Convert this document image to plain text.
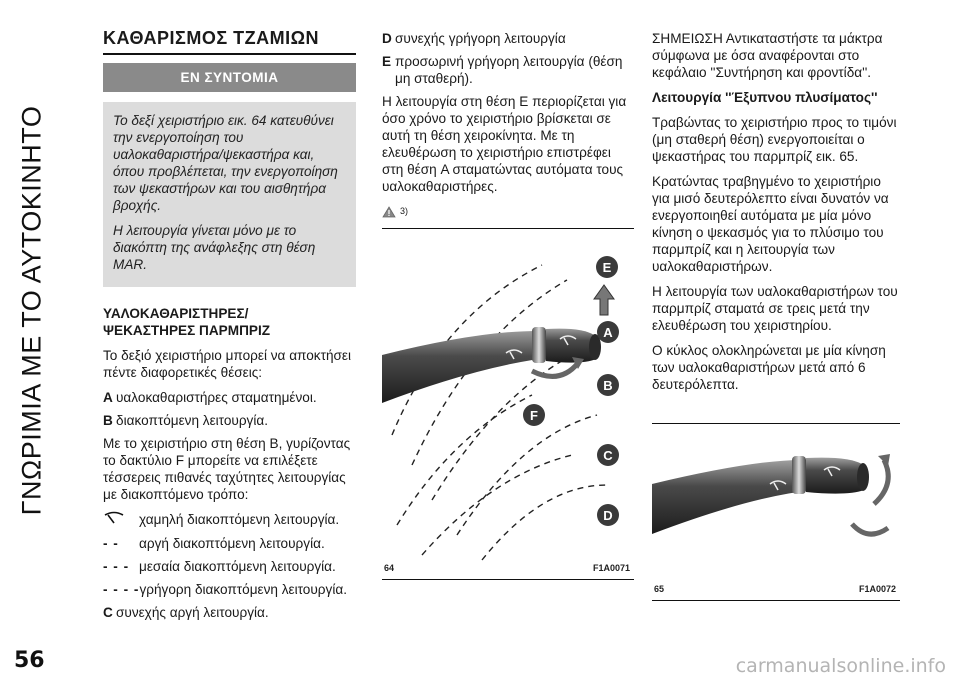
ΓΝΩΡΙΜΙΑ ΜΕ ΤΟ ΑΥΤΟΚΙΝΗΤΟ
ΚΑΘΑΡΙΣΜΟΣ ΤΖΑΜΙΩΝ
ΕΝ ΣΥΝΤΟΜΙΑ

Το δεξί χειριστήριο εικ. 64 κατευθύνει την ενεργοποίηση του υαλοκαθαριστήρα/ψεκαστήρα και, όπου προβλέπεται, την ενεργοποίηση των ψεκαστήρων και του αισθητήρα βροχής.

Η λειτουργία γίνεται μόνο με το διακόπτη της ανάφλεξης στη θέση MAR.

ΥΑΛΟΚΑΘΑΡΙΣΤΗΡΕΣ/
ΨΕΚΑΣΤΗΡΕΣ ΠΑΡΜΠΡΙΖ

Το δεξιό χειριστήριο μπορεί να αποκτήσει πέντε διαφορετικές θέσεις:

A υαλοκαθαριστήρες σταματημένοι.
B διακοπτόμενη λειτουργία.

Με το χειριστήριο στη θέση B, γυρίζοντας το δακτύλιο F μπορείτε να επιλέξετε τέσσερεις πιθανές ταχύτητες λειτουργίας με διακοπτόμενο τρόπο:

χαμηλή διακοπτόμενη λειτουργία.
- -	αργή διακοπτόμενη λειτουργία.
- - - μεσαία διακοπτόμενη λειτουργία.
- - - - γρήγορη διακοπτόμενη λειτουργία.
C συνεχής αργή λειτουργία.
D συνεχής γρήγορη λειτουργία
E προσωρινή γρήγορη λειτουργία (θέση μη σταθερή).

Η λειτουργία στη θέση E περιορίζεται για όσο χρόνο το χειριστήριο βρίσκεται σε αυτή τη θέση χειροκίνητα. Με τη ελευθέρωση το χειριστήριο επιστρέφει στη θέση A σταματώντας αυτόματα τους υαλοκαθαριστήρες.

3)
E
A
B
F
C
D
64	F1A0071

ΣΗΜΕΙΩΣΗ Αντικαταστήστε τα μάκτρα σύμφωνα με όσα αναφέρονται στο κεφάλαιο ''Συντήρηση και φροντίδα''.

Λειτουργία ''Έξυπνου πλυσίματος''

Τραβώντας το χειριστήριο προς το τιμόνι (μη σταθερή θέση) ενεργοποιείται ο ψεκαστήρας του παρμπρίζ εικ. 65.

Κρατώντας τραβηγμένο το χειριστήριο για μισό δευτερόλεπτο είναι δυνατόν να ενεργοποιηθεί αυτόματα με μία μόνο κίνηση ο ψεκασμός για το πλύσιμο του παρμπρίζ και η λειτουργία των υαλοκαθαριστήρων.

Η λειτουργία των υαλοκαθαριστήρων του παρμπρίζ σταματά σε τρεις μετά την ελευθέρωση του χειριστηρίου.

Ο κύκλος ολοκληρώνεται με μία κίνηση των υαλοκαθαριστήρων μετά από 6 δευτερόλεπτα.

65	F1A0072
56	carmanualsonline.info
